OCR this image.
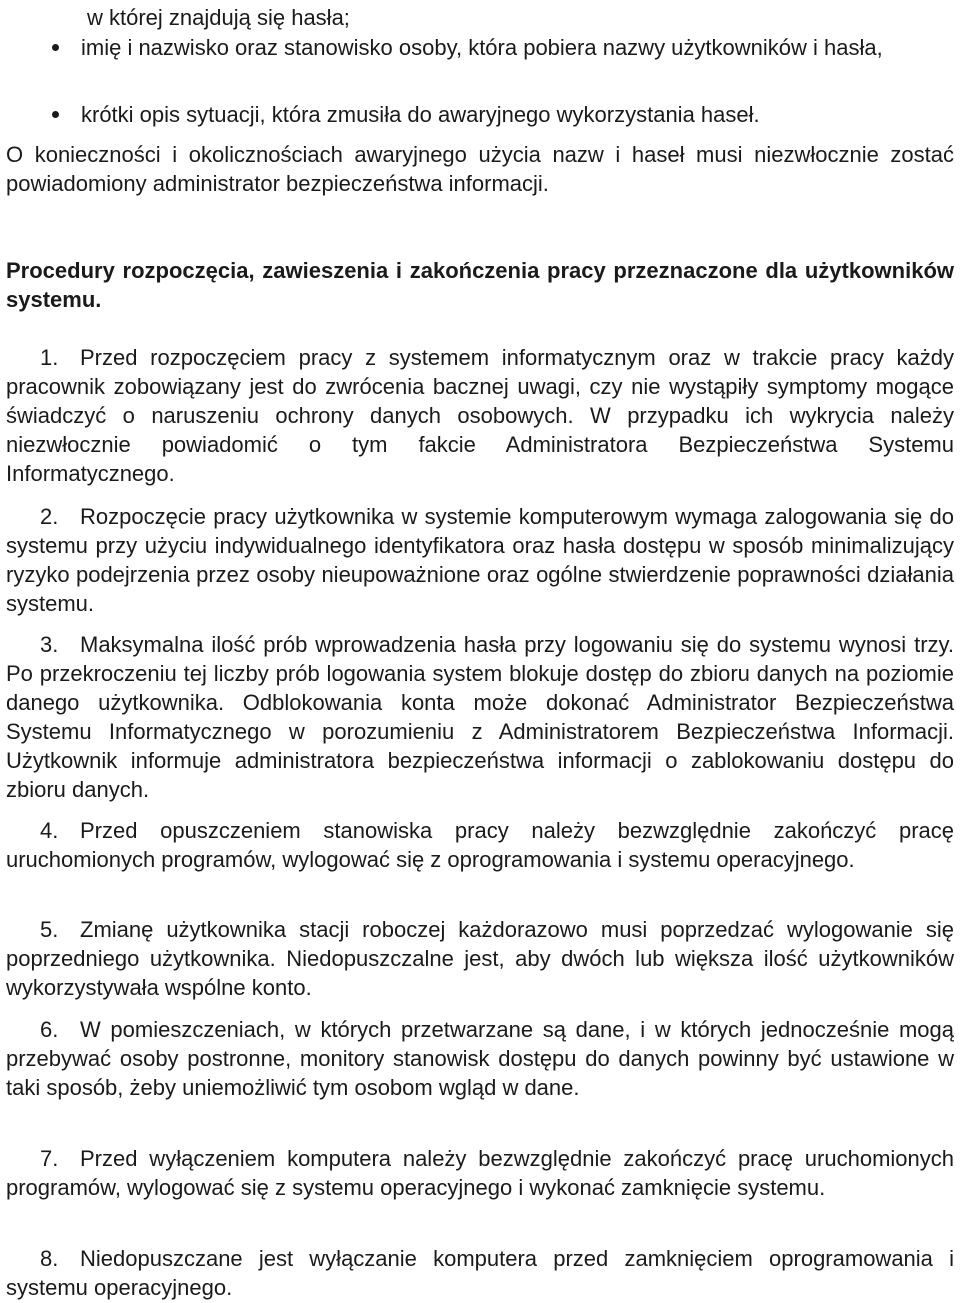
w której znajdują się hasła;

imię i nazwisko oraz stanowisko osoby, która pobiera nazwy użytkowników i hasła,

krótki opis sytuacji, która zmusiła do awaryjnego wykorzystania haseł.

O konieczności i okolicznościach awaryjnego użycia nazw i haseł musi niezwłocznie zostać powiadomiony administrator bezpieczeństwa informacji.

Procedury rozpoczęcia, zawieszenia i zakończenia pracy przeznaczone dla użytkowników systemu.

1. Przed rozpoczęciem pracy z systemem informatycznym oraz w trakcie pracy każdy pracownik zobowiązany jest do zwrócenia bacznej uwagi, czy nie wystąpiły symptomy mogące świadczyć o naruszeniu ochrony danych osobowych. W przypadku ich wykrycia należy niezwłocznie powiadomić o tym fakcie Administratora Bezpieczeństwa Systemu Informatycznego.

2. Rozpoczęcie pracy użytkownika w systemie komputerowym wymaga zalogowania się do systemu przy użyciu indywidualnego identyfikatora oraz hasła dostępu w sposób minimalizujący ryzyko podejrzenia przez osoby nieupoważnione oraz ogólne stwierdzenie poprawności działania systemu.

3. Maksymalna ilość prób wprowadzenia hasła przy logowaniu się do systemu wynosi trzy. Po przekroczeniu tej liczby prób logowania system blokuje dostęp do zbioru danych na poziomie danego użytkownika. Odblokowania konta może dokonać Administrator Bezpieczeństwa Systemu Informatycznego w porozumieniu z Administratorem Bezpieczeństwa Informacji. Użytkownik informuje administratora bezpieczeństwa informacji o zablokowaniu dostępu do zbioru danych.

4. Przed opuszczeniem stanowiska pracy należy bezwzględnie zakończyć pracę uruchomionych programów, wylogować się z oprogramowania i systemu operacyjnego.

5. Zmianę użytkownika stacji roboczej każdorazowo musi poprzedzać wylogowanie się poprzedniego użytkownika. Niedopuszczalne jest, aby dwóch lub większa ilość użytkowników wykorzystywała wspólne konto.

6. W pomieszczeniach, w których przetwarzane są dane, i w których jednocześnie mogą przebywać osoby postronne, monitory stanowisk dostępu do danych powinny być ustawione w taki sposób, żeby uniemożliwić tym osobom wgląd w dane.

7. Przed wyłączeniem komputera należy bezwzględnie zakończyć pracę uruchomionych programów, wylogować się z systemu operacyjnego i wykonać zamknięcie systemu.

8. Niedopuszczane jest wyłączanie komputera przed zamknięciem oprogramowania i systemu operacyjnego.
